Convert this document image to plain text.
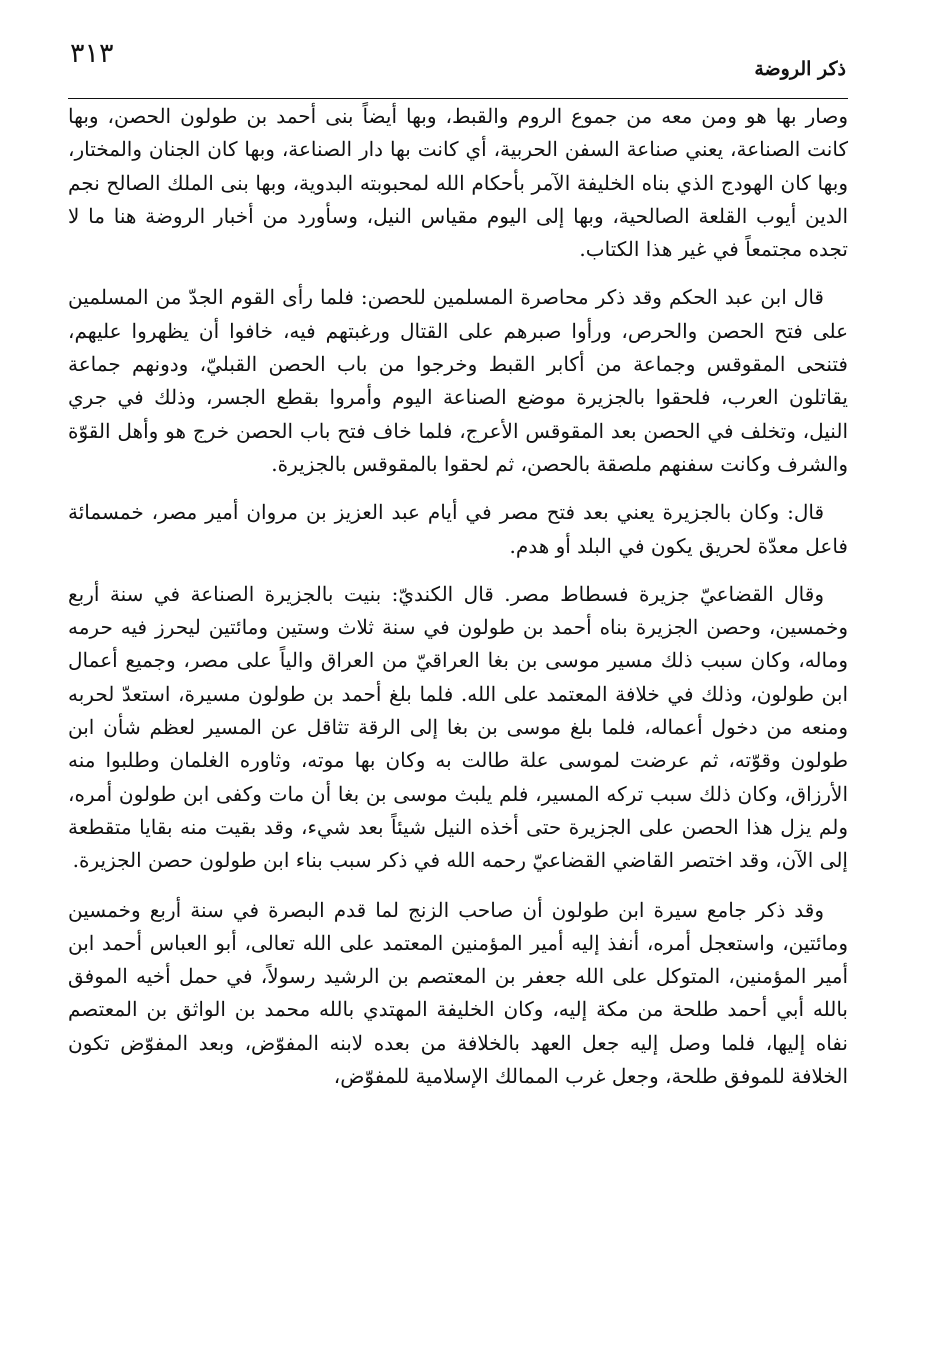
٣١٣	ذكر الروضة

وصار بها هو ومن معه من جموع الروم والقبط، وبها أيضاً بنى أحمد بن طولون الحصن، وبها كانت الصناعة، يعني صناعة السفن الحربية، أي كانت بها دار الصناعة، وبها كان الجنان والمختار، وبها كان الهودج الذي بناه الخليفة الآمر بأحكام الله لمحبوبته البدوية، وبها بنى الملك الصالح نجم الدين أيوب القلعة الصالحية، وبها إلى اليوم مقياس النيل، وسأورد من أخبار الروضة هنا ما لا تجده مجتمعاً في غير هذا الكتاب.

قال ابن عبد الحكم وقد ذكر محاصرة المسلمين للحصن: فلما رأى القوم الجدّ من المسلمين على فتح الحصن والحرص، ورأوا صبرهم على القتال ورغبتهم فيه، خافوا أن يظهروا عليهم، فتنحى المقوقس وجماعة من أكابر القبط وخرجوا من باب الحصن القبليّ، ودونهم جماعة يقاتلون العرب، فلحقوا بالجزيرة موضع الصناعة اليوم وأمروا بقطع الجسر، وذلك في جري النيل، وتخلف في الحصن بعد المقوقس الأعرج، فلما خاف فتح باب الحصن خرج هو وأهل القوّة والشرف وكانت سفنهم ملصقة بالحصن، ثم لحقوا بالمقوقس بالجزيرة.

قال: وكان بالجزيرة يعني بعد فتح مصر في أيام عبد العزيز بن مروان أمير مصر، خمسمائة فاعل معدّة لحريق يكون في البلد أو هدم.

وقال القضاعيّ جزيرة فسطاط مصر. قال الكنديّ: بنيت بالجزيرة الصناعة في سنة أربع وخمسين، وحصن الجزيرة بناه أحمد بن طولون في سنة ثلاث وستين ومائتين ليحرز فيه حرمه وماله، وكان سبب ذلك مسير موسى بن بغا العراقيّ من العراق والياً على مصر، وجميع أعمال ابن طولون، وذلك في خلافة المعتمد على الله. فلما بلغ أحمد بن طولون مسيرة، استعدّ لحربه ومنعه من دخول أعماله، فلما بلغ موسى بن بغا إلى الرقة تثاقل عن المسير لعظم شأن ابن طولون وقوّته، ثم عرضت لموسى علة طالت به وكان بها موته، وثاوره الغلمان وطلبوا منه الأرزاق، وكان ذلك سبب تركه المسير، فلم يلبث موسى بن بغا أن مات وكفى ابن طولون أمره، ولم يزل هذا الحصن على الجزيرة حتى أخذه النيل شيئاً بعد شيء، وقد بقيت منه بقايا متقطعة إلى الآن، وقد اختصر القاضي القضاعيّ رحمه الله في ذكر سبب بناء ابن طولون حصن الجزيرة.

وقد ذكر جامع سيرة ابن طولون أن صاحب الزنج لما قدم البصرة في سنة أربع وخمسين ومائتين، واستعجل أمره، أنفذ إليه أمير المؤمنين المعتمد على الله تعالى، أبو العباس أحمد ابن أمير المؤمنين، المتوكل على الله جعفر بن المعتصم بن الرشيد رسولاً، في حمل أخيه الموفق بالله أبي أحمد طلحة من مكة إليه، وكان الخليفة المهتدي بالله محمد بن الواثق بن المعتصم نفاه إليها، فلما وصل إليه جعل العهد بالخلافة من بعده لابنه المفوّض، وبعد المفوّض تكون الخلافة للموفق طلحة، وجعل غرب الممالك الإسلامية للمفوّض،
